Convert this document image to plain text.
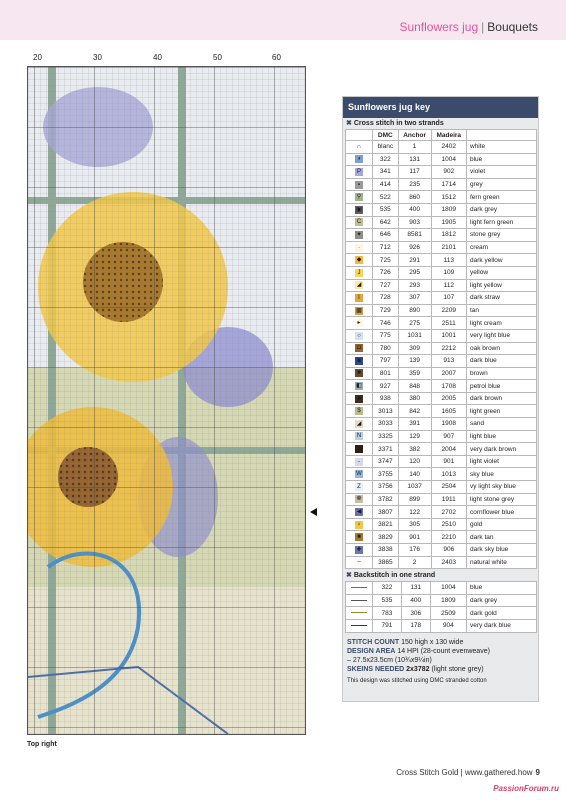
Sunflowers jug | Bouquets
20	30	40	50	60
Top right
Sunflowers jug key
✖ Cross stitch in two strands
	DMC	Anchor	Madeira	
∩	blanc	1	2402	white
◖	322	131	1004	blue
P	341	117	902	violet
▪	414	235	1714	grey
⚲	522	860	1512	fern green
▣	535	400	1809	dark grey
C	642	903	1905	light fern green
✦	646	8581	1812	stone grey
·	712	926	2101	cream
◆	725	291	113	dark yellow
J	726	295	109	yellow
◢	727	293	112	light yellow
I	728	307	107	dark straw
▩	729	890	2209	tan
▸	746	275	2511	light cream
○	775	1031	1001	very light blue
◘	780	309	2212	oak brown
◙	797	139	913	dark blue
■	801	359	2007	brown
◧	927	848	1708	petrol blue
■	938	380	2005	dark brown
$	3013	842	1605	light green
◢	3033	391	1908	sand
N	3325	129	907	light blue
●	3371	382	2004	very dark brown
‐	3747	120	901	light violet
W	3755	140	1013	sky blue
Z	3756	1037	2504	vy light sky blue
❁	3782	899	1911	light stone grey
◀	3807	122	2702	cornflower blue
♀	3821	305	2510	gold
■	3829	901	2210	dark tan
✚	3838	176	906	dark sky blue
–	3865	2	2403	natural white
✖ Backstitch in one strand
	322	131	1004	blue
	535	400	1809	dark grey
	783	306	2509	dark gold
	791	178	904	very dark blue
STITCH COUNT 150 high x 130 wide
DESIGN AREA 14 HPI (28-count evenweave)
– 27.5x23.5cm (10¾x9¼in)
SKEINS NEEDED 2x3782 (light stone grey)
This design was stitched using DMC stranded cotton
Cross Stitch Gold | www.gathered.how 9
PassionForum.ru
